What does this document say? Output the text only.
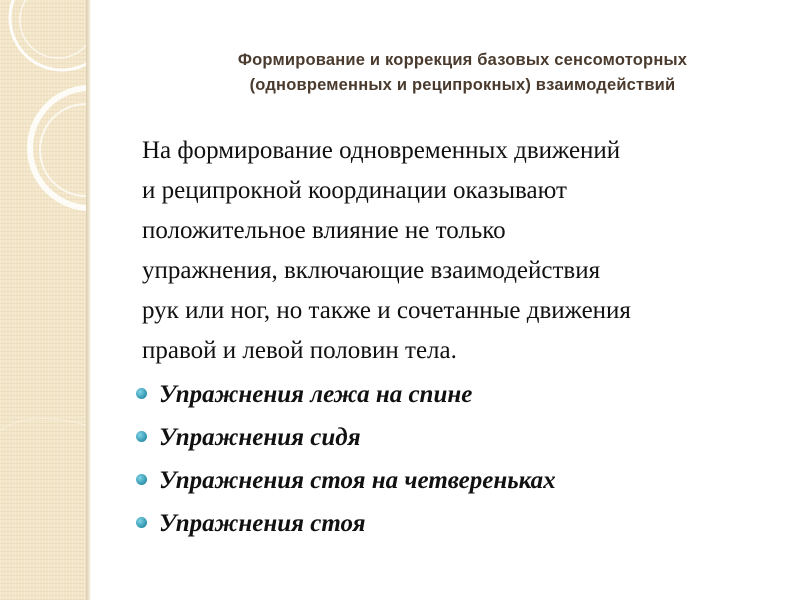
Формирование и коррекция базовых сенсомоторных
(одновременных и реципрокных) взаимодействий

На формирование одновременных движений
и реципрокной координации оказывают
положительное влияние не только
упражнения, включающие взаимодействия
рук или ног, но также и сочетанные движения
правой и левой половин тела.

Упражнения лежа на спине
Упражнения сидя
Упражнения стоя на четвереньках
Упражнения стоя
